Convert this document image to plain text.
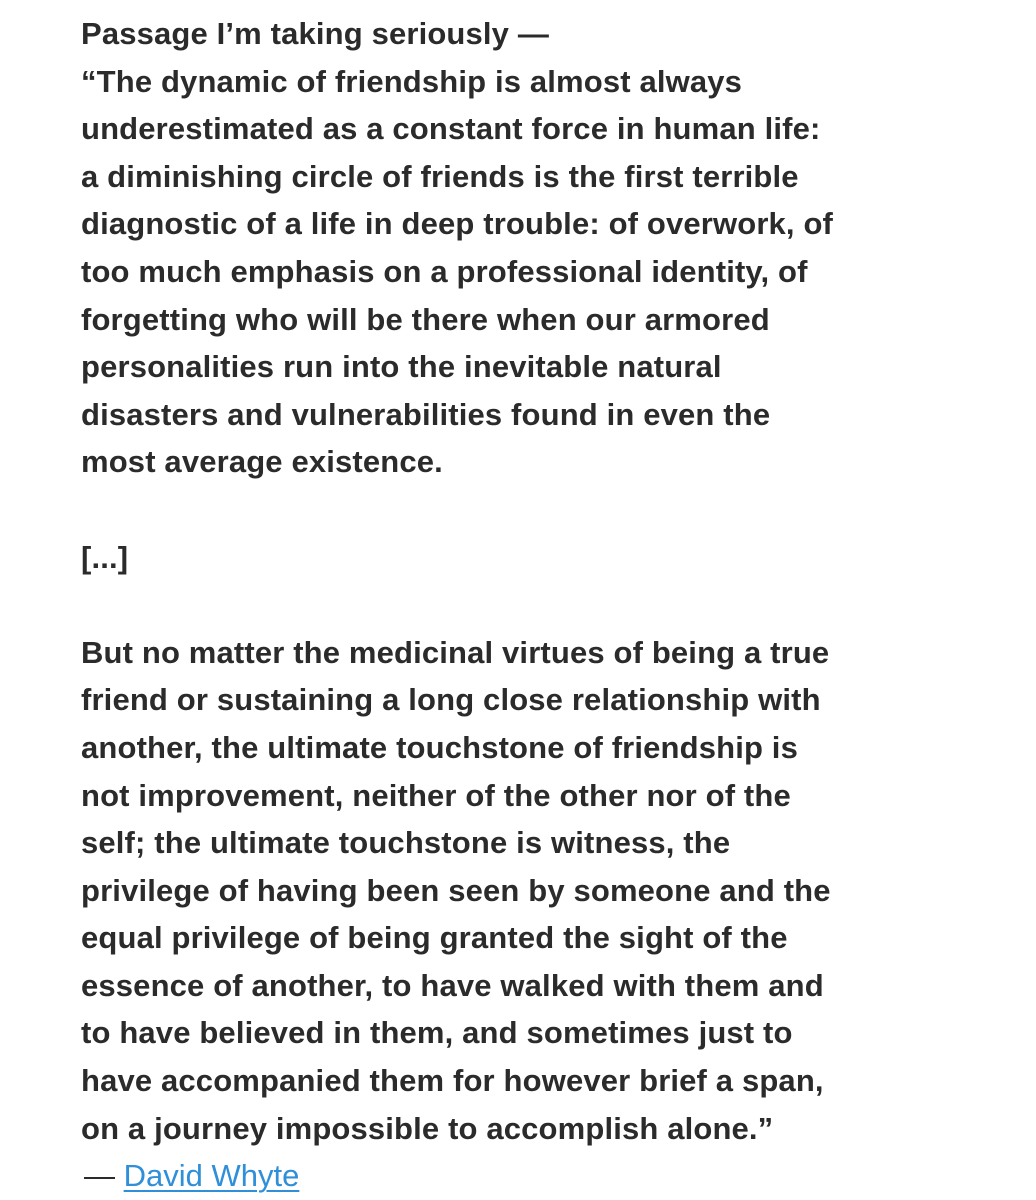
Passage I’m taking seriously —
“The dynamic of friendship is almost always
underestimated as a constant force in human life:
a diminishing circle of friends is the first terrible
diagnostic of a life in deep trouble: of overwork, of
too much emphasis on a professional identity, of
forgetting who will be there when our armored
personalities run into the inevitable natural
disasters and vulnerabilities found in even the
most average existence.
[...]
But no matter the medicinal virtues of being a true
friend or sustaining a long close relationship with
another, the ultimate touchstone of friendship is
not improvement, neither of the other nor of the
self; the ultimate touchstone is witness, the
privilege of having been seen by someone and the
equal privilege of being granted the sight of the
essence of another, to have walked with them and
to have believed in them, and sometimes just to
have accompanied them for however brief a span,
on a journey impossible to accomplish alone.”
— David Whyte
